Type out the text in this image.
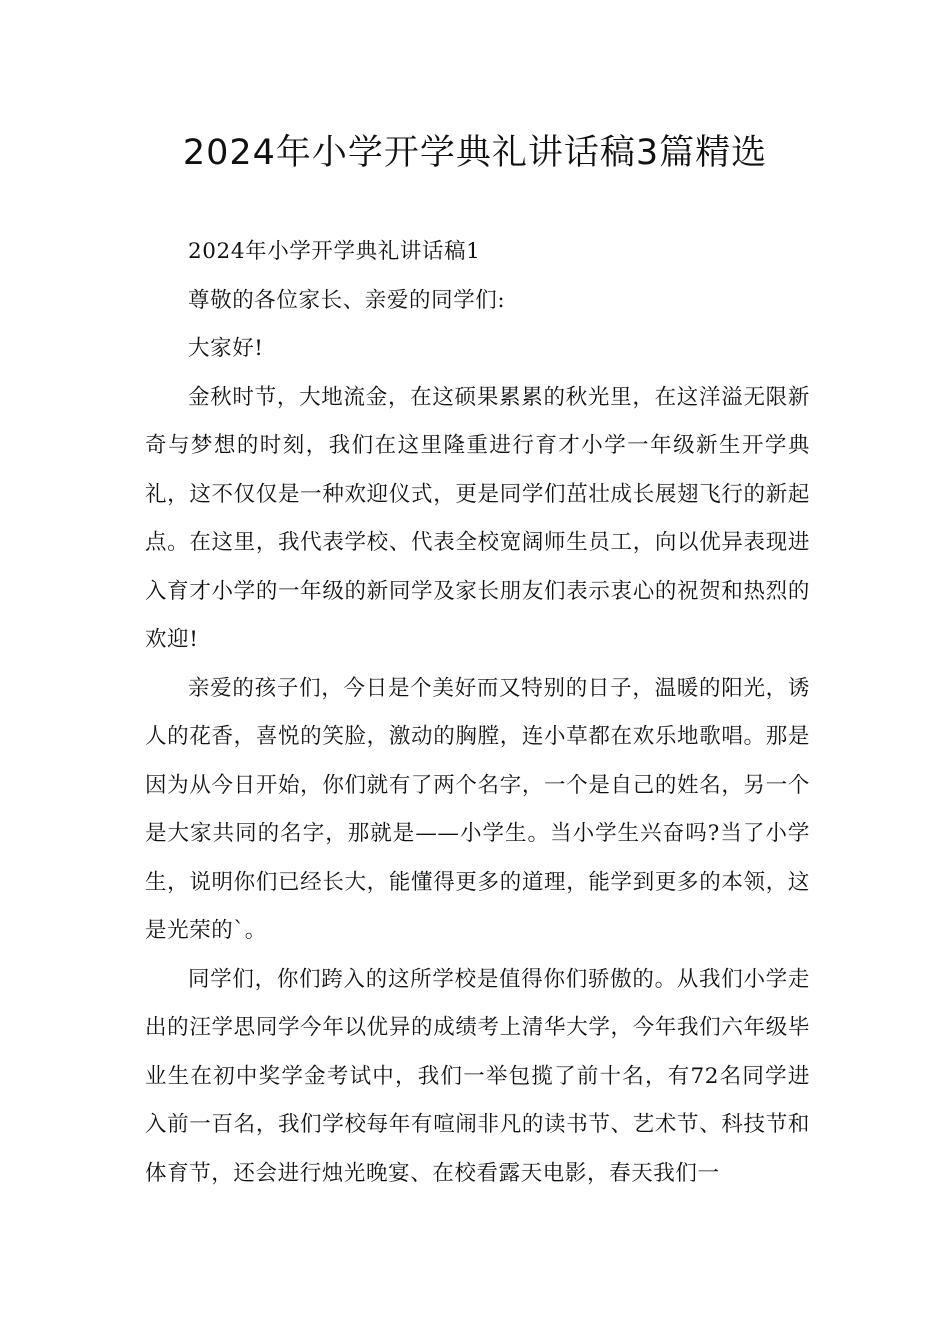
2024年小学开学典礼讲话稿3篇精选

2024年小学开学典礼讲话稿1

尊敬的各位家长、亲爱的同学们:

大家好!

金秋时节，大地流金，在这硕果累累的秋光里，在这洋溢无限新奇与梦想的时刻，我们在这里隆重进行育才小学一年级新生开学典礼，这不仅仅是一种欢迎仪式，更是同学们茁壮成长展翅飞行的新起点。在这里，我代表学校、代表全校宽阔师生员工，向以优异表现进入育才小学的一年级的新同学及家长朋友们表示衷心的祝贺和热烈的欢迎!

亲爱的孩子们，今日是个美好而又特别的日子，温暖的阳光，诱人的花香，喜悦的笑脸，激动的胸膛，连小草都在欢乐地歌唱。那是因为从今日开始，你们就有了两个名字，一个是自己的姓名，另一个是大家共同的名字，那就是——小学生。当小学生兴奋吗?当了小学生，说明你们已经长大，能懂得更多的道理，能学到更多的本领，这是光荣的`。

同学们，你们跨入的这所学校是值得你们骄傲的。从我们小学走出的汪学思同学今年以优异的成绩考上清华大学，今年我们六年级毕业生在初中奖学金考试中，我们一举包揽了前十名，有72名同学进入前一百名，我们学校每年有喧闹非凡的读书节、艺术节、科技节和体育节，还会进行烛光晚宴、在校看露天电影，春天我们一
